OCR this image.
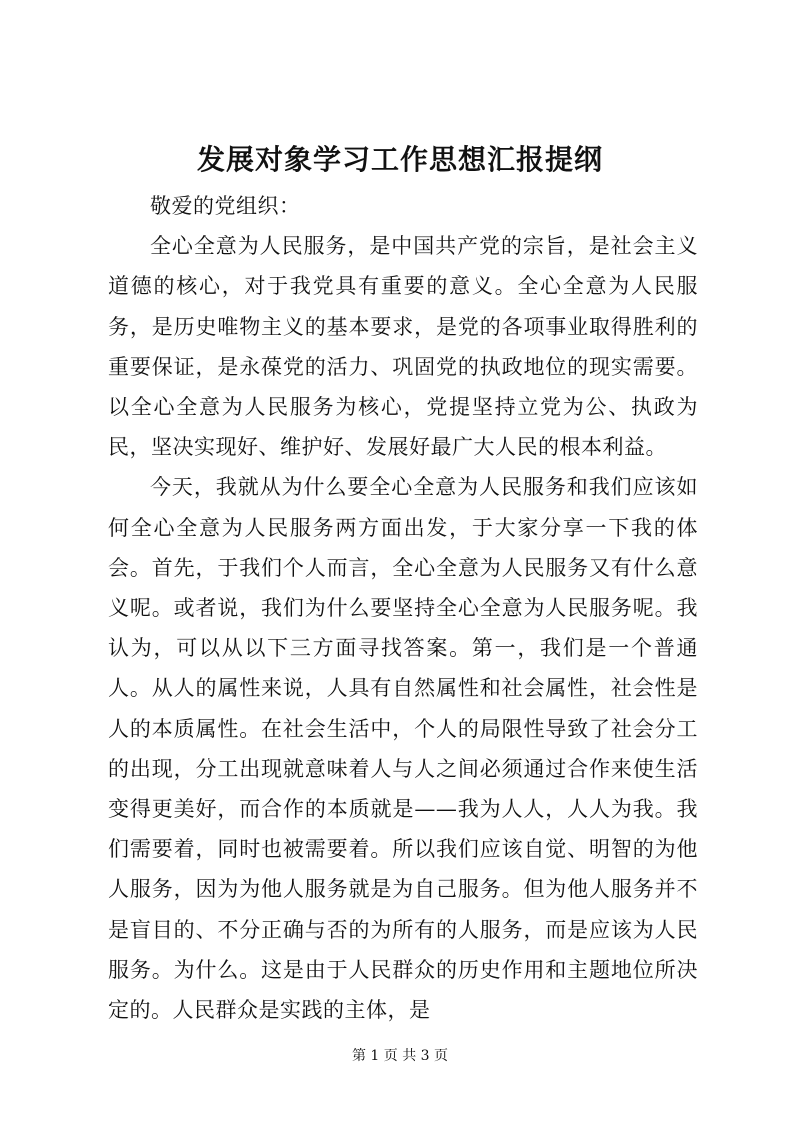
发展对象学习工作思想汇报提纲

敬爱的党组织：

全心全意为人民服务，是中国共产党的宗旨，是社会主义道德的核心，对于我党具有重要的意义。全心全意为人民服务，是历史唯物主义的基本要求，是党的各项事业取得胜利的重要保证，是永葆党的活力、巩固党的执政地位的现实需要。以全心全意为人民服务为核心，党提坚持立党为公、执政为民，坚决实现好、维护好、发展好最广大人民的根本利益。

今天，我就从为什么要全心全意为人民服务和我们应该如何全心全意为人民服务两方面出发，于大家分享一下我的体会。首先，于我们个人而言，全心全意为人民服务又有什么意义呢。或者说，我们为什么要坚持全心全意为人民服务呢。我认为，可以从以下三方面寻找答案。第一，我们是一个普通人。从人的属性来说，人具有自然属性和社会属性，社会性是人的本质属性。在社会生活中，个人的局限性导致了社会分工的出现，分工出现就意味着人与人之间必须通过合作来使生活变得更美好，而合作的本质就是——我为人人，人人为我。我们需要着，同时也被需要着。所以我们应该自觉、明智的为他人服务，因为为他人服务就是为自己服务。但为他人服务并不是盲目的、不分正确与否的为所有的人服务，而是应该为人民服务。为什么。这是由于人民群众的历史作用和主题地位所决定的。人民群众是实践的主体，是

第 1 页 共 3 页
